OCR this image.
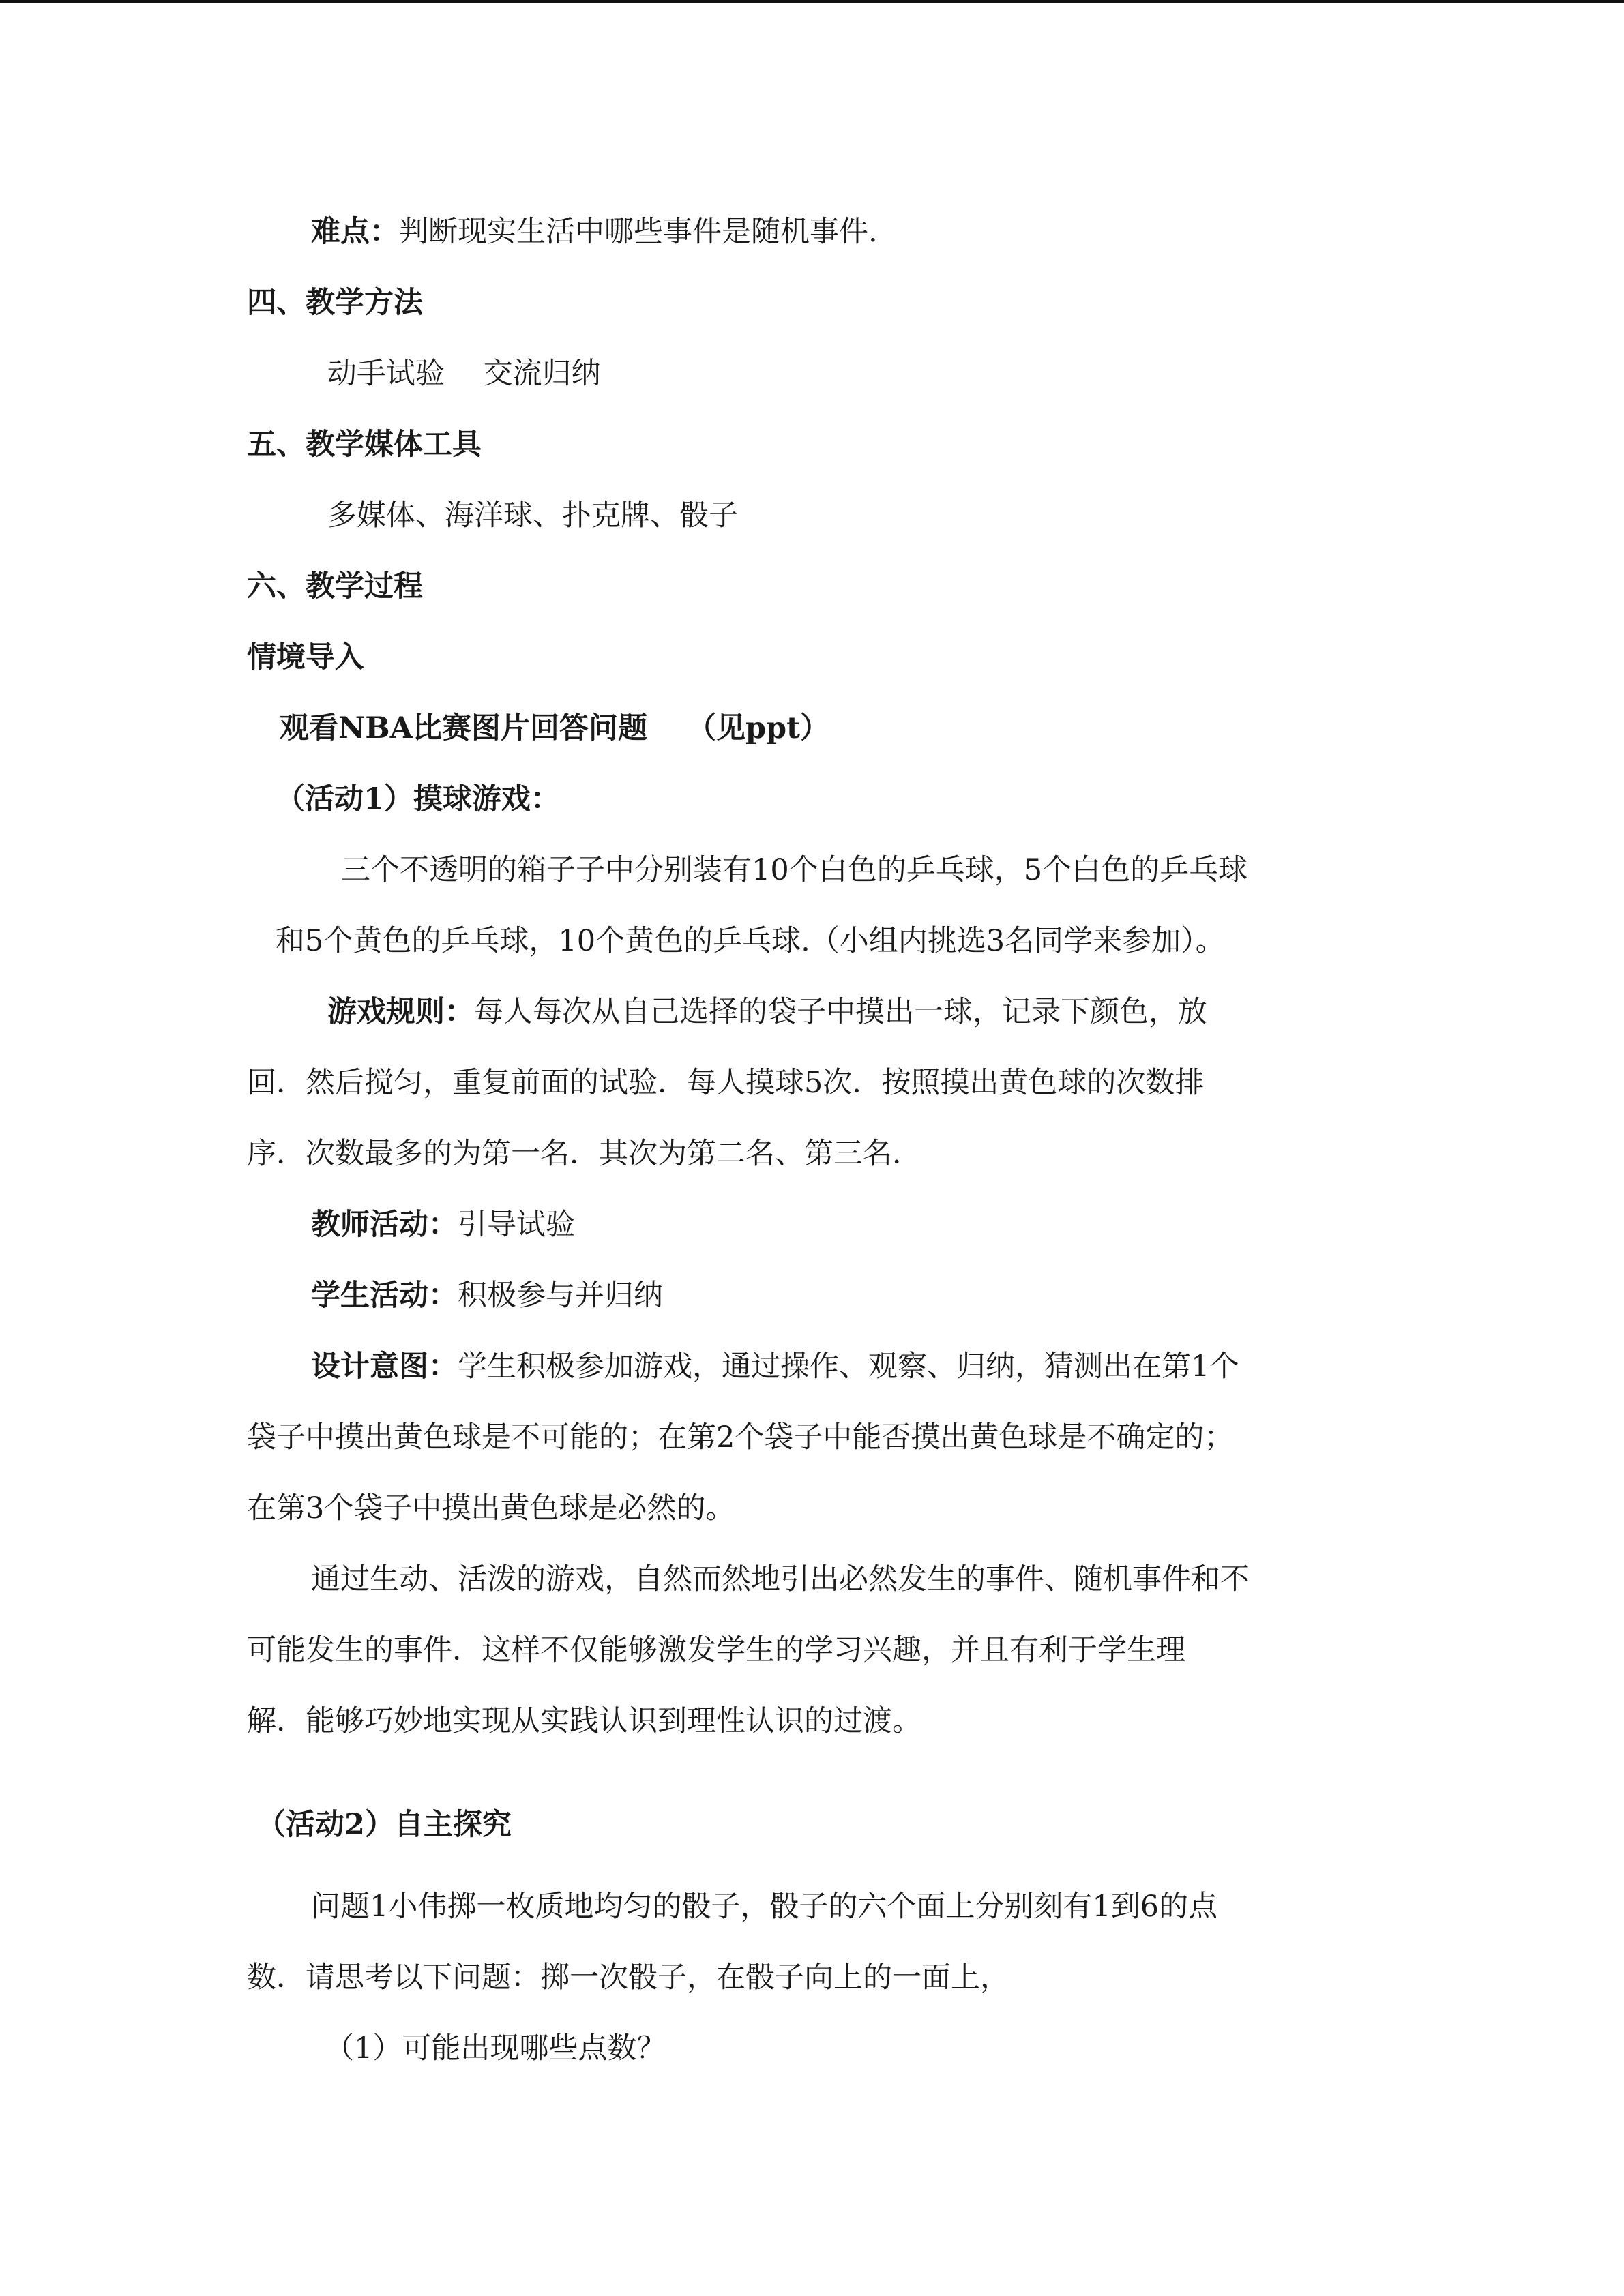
难点：判断现实生活中哪些事件是随机事件.
四、教学方法
动手试验　 交流归纳
五、教学媒体工具
多媒体、海洋球、扑克牌、骰子
六、教学过程
情境导入
观看NBA比赛图片回答问题　 （见ppt）
（活动1）摸球游戏：
三个不透明的箱子子中分别装有10个白色的乒乓球，5个白色的乒乓球
和5个黄色的乒乓球，10个黄色的乒乓球.（小组内挑选3名同学来参加）。
游戏规则：每人每次从自己选择的袋子中摸出一球，记录下颜色，放
回．然后搅匀，重复前面的试验．每人摸球5次．按照摸出黄色球的次数排
序．次数最多的为第一名．其次为第二名、第三名．
教师活动：引导试验
学生活动：积极参与并归纳
设计意图：学生积极参加游戏，通过操作、观察、归纳，猜测出在第1个
袋子中摸出黄色球是不可能的；在第2个袋子中能否摸出黄色球是不确定的；
在第3个袋子中摸出黄色球是必然的。
通过生动、活泼的游戏，自然而然地引出必然发生的事件、随机事件和不
可能发生的事件．这样不仅能够激发学生的学习兴趣，并且有利于学生理
解．能够巧妙地实现从实践认识到理性认识的过渡。
（活动2）自主探究
问题1小伟掷一枚质地均匀的骰子，骰子的六个面上分别刻有1到6的点
数．请思考以下问题：掷一次骰子，在骰子向上的一面上，
（1）可能出现哪些点数？
